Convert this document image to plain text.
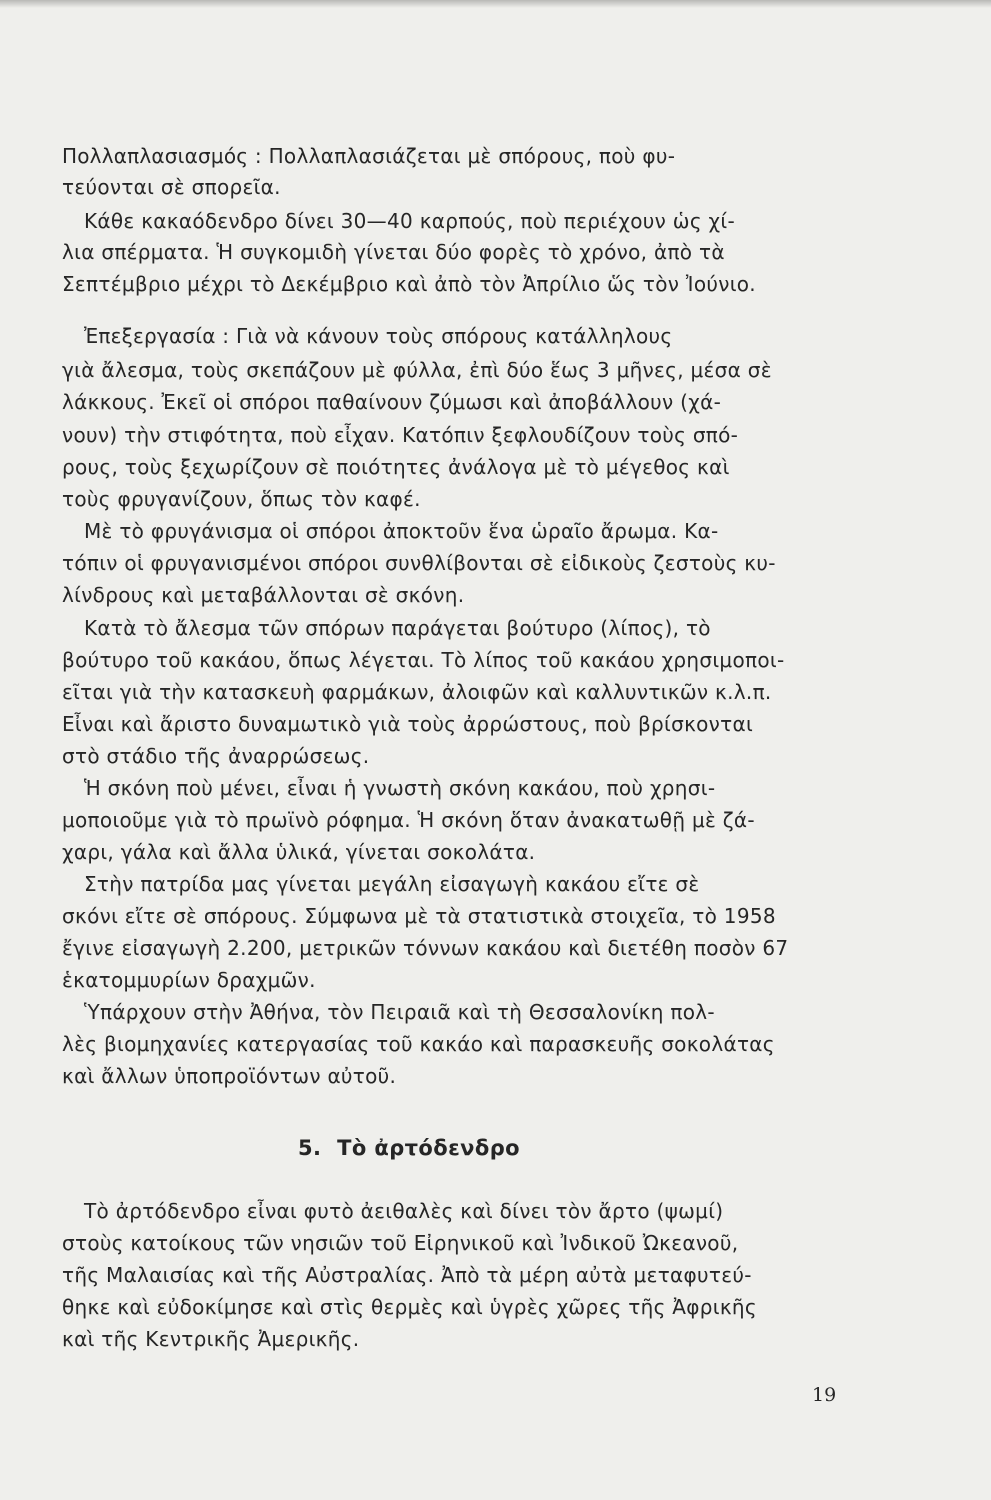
Πολλαπλασιασμός : Πολλαπλασιάζεται μὲ σπόρους, ποὺ φυ-
τεύονται σὲ σπορεῖα.
Κάθε κακαόδενδρο δίνει 30—40 καρπούς, ποὺ περιέχουν ὡς χί-
λια σπέρματα. Ἡ συγκομιδὴ γίνεται δύο φορὲς τὸ χρόνο, ἀπὸ τὰ
Σεπτέμβριο μέχρι τὸ Δεκέμβριο καὶ ἀπὸ τὸν Ἀπρίλιο ὥς τὸν Ἰούνιο.
Ἐπεξεργασία : Γιὰ νὰ κάνουν τοὺς σπόρους κατάλληλους
γιὰ ἄλεσμα, τοὺς σκεπάζουν μὲ φύλλα, ἐπὶ δύο ἕως 3 μῆνες, μέσα σὲ
λάκκους. Ἐκεῖ οἱ σπόροι παθαίνουν ζύμωσι καὶ ἀποβάλλουν (χά-
νουν) τὴν στιφότητα, ποὺ εἶχαν. Κατόπιν ξεφλουδίζουν τοὺς σπό-
ρους, τοὺς ξεχωρίζουν σὲ ποιότητες ἀνάλογα μὲ τὸ μέγεθος καὶ
τοὺς φρυγανίζουν, ὅπως τὸν καφέ.
Μὲ τὸ φρυγάνισμα οἱ σπόροι ἀποκτοῦν ἕνα ὡραῖο ἄρωμα. Κα-
τόπιν οἱ φρυγανισμένοι σπόροι συνθλίβονται σὲ εἰδικοὺς ζεστοὺς κυ-
λίνδρους καὶ μεταβάλλονται σὲ σκόνη.
Κατὰ τὸ ἄλεσμα τῶν σπόρων παράγεται βούτυρο (λίπος), τὸ
βούτυρο τοῦ κακάου, ὅπως λέγεται. Τὸ λίπος τοῦ κακάου χρησιμοποι-
εῖται γιὰ τὴν κατασκευὴ φαρμάκων, ἀλοιφῶν καὶ καλλυντικῶν κ.λ.π.
Εἶναι καὶ ἄριστο δυναμωτικὸ γιὰ τοὺς ἀρρώστους, ποὺ βρίσκονται
στὸ στάδιο τῆς ἀναρρώσεως.
Ἡ σκόνη ποὺ μένει, εἶναι ἡ γνωστὴ σκόνη κακάου, ποὺ χρησι-
μοποιοῦμε γιὰ τὸ πρωϊνὸ ρόφημα. Ἡ σκόνη ὅταν ἀνακατωθῇ μὲ ζά-
χαρι, γάλα καὶ ἄλλα ὑλικά, γίνεται σοκολάτα.
Στὴν πατρίδα μας γίνεται μεγάλη εἰσαγωγὴ κακάου εἴτε σὲ
σκόνι εἴτε σὲ σπόρους. Σύμφωνα μὲ τὰ στατιστικὰ στοιχεῖα, τὸ 1958
ἔγινε εἰσαγωγὴ 2.200, μετρικῶν τόννων κακάου καὶ διετέθη ποσὸν 67
ἑκατομμυρίων δραχμῶν.
Ὑπάρχουν στὴν Ἀθήνα, τὸν Πειραιᾶ καὶ τὴ Θεσσαλονίκη πολ-
λὲς βιομηχανίες κατεργασίας τοῦ κακάο καὶ παρασκευῆς σοκολάτας
καὶ ἄλλων ὑποπροϊόντων αὐτοῦ.
5. Τὸ ἀρτόδενδρο
Τὸ ἀρτόδενδρο εἶναι φυτὸ ἀειθαλὲς καὶ δίνει τὸν ἄρτο (ψωμί)
στοὺς κατοίκους τῶν νησιῶν τοῦ Εἰρηνικοῦ καὶ Ἰνδικοῦ Ὠκεανοῦ,
τῆς Μαλαισίας καὶ τῆς Αὐστραλίας. Ἀπὸ τὰ μέρη αὐτὰ μεταφυτεύ-
θηκε καὶ εὐδοκίμησε καὶ στὶς θερμὲς καὶ ὑγρὲς χῶρες τῆς Ἀφρικῆς
καὶ τῆς Κεντρικῆς Ἀμερικῆς.
19
